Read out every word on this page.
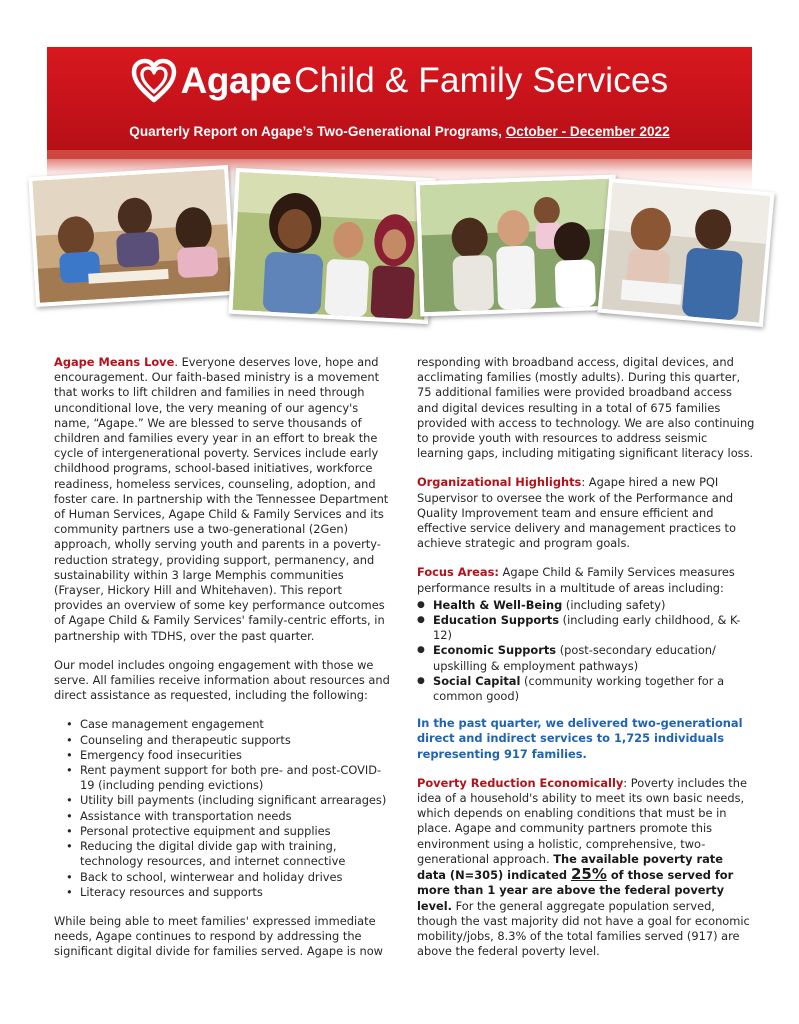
Agape Child & Family Services
Quarterly Report on Agape’s Two-Generational Programs, October - December 2022

Agape Means Love. Everyone deserves love, hope and encouragement. Our faith-based ministry is a movement that works to lift children and families in need through unconditional love, the very meaning of our agency's name, “Agape.” We are blessed to serve thousands of children and families every year in an effort to break the cycle of intergenerational poverty. Services include early childhood programs, school-based initiatives, workforce readiness, homeless services, counseling, adoption, and foster care. In partnership with the Tennessee Department of Human Services, Agape Child & Family Services and its community partners use a two-generational (2Gen) approach, wholly serving youth and parents in a poverty-reduction strategy, providing support, permanency, and sustainability within 3 large Memphis communities (Frayser, Hickory Hill and Whitehaven). This report provides an overview of some key performance outcomes of Agape Child & Family Services' family-centric efforts, in partnership with TDHS, over the past quarter.

Our model includes ongoing engagement with those we serve. All families receive information about resources and direct assistance as requested, including the following:

• Case management engagement
• Counseling and therapeutic supports
• Emergency food insecurities
• Rent payment support for both pre- and post-COVID-19 (including pending evictions)
• Utility bill payments (including significant arrearages)
• Assistance with transportation needs
• Personal protective equipment and supplies
• Reducing the digital divide gap with training, technology resources, and internet connective
• Back to school, winterwear and holiday drives
• Literacy resources and supports

While being able to meet families' expressed immediate needs, Agape continues to respond by addressing the significant digital divide for families served. Agape is now

responding with broadband access, digital devices, and acclimating families (mostly adults). During this quarter, 75 additional families were provided broadband access and digital devices resulting in a total of 675 families provided with access to technology. We are also continuing to provide youth with resources to address seismic learning gaps, including mitigating significant literacy loss.

Organizational Highlights: Agape hired a new PQI Supervisor to oversee the work of the Performance and Quality Improvement team and ensure efficient and effective service delivery and management practices to achieve strategic and program goals.

Focus Areas: Agape Child & Family Services measures performance results in a multitude of areas including:

● Health & Well-Being (including safety)
● Education Supports (including early childhood, & K-12)
● Economic Supports (post-secondary education/ upskilling & employment pathways)
● Social Capital (community working together for a common good)

In the past quarter, we delivered two-generational direct and indirect services to 1,725 individuals representing 917 families.

Poverty Reduction Economically: Poverty includes the idea of a household's ability to meet its own basic needs, which depends on enabling conditions that must be in place. Agape and community partners promote this environment using a holistic, comprehensive, two-generational approach. The available poverty rate data (N=305) indicated 25% of those served for more than 1 year are above the federal poverty level. For the general aggregate population served, though the vast majority did not have a goal for economic mobility/jobs, 8.3% of the total families served (917) are above the federal poverty level.
